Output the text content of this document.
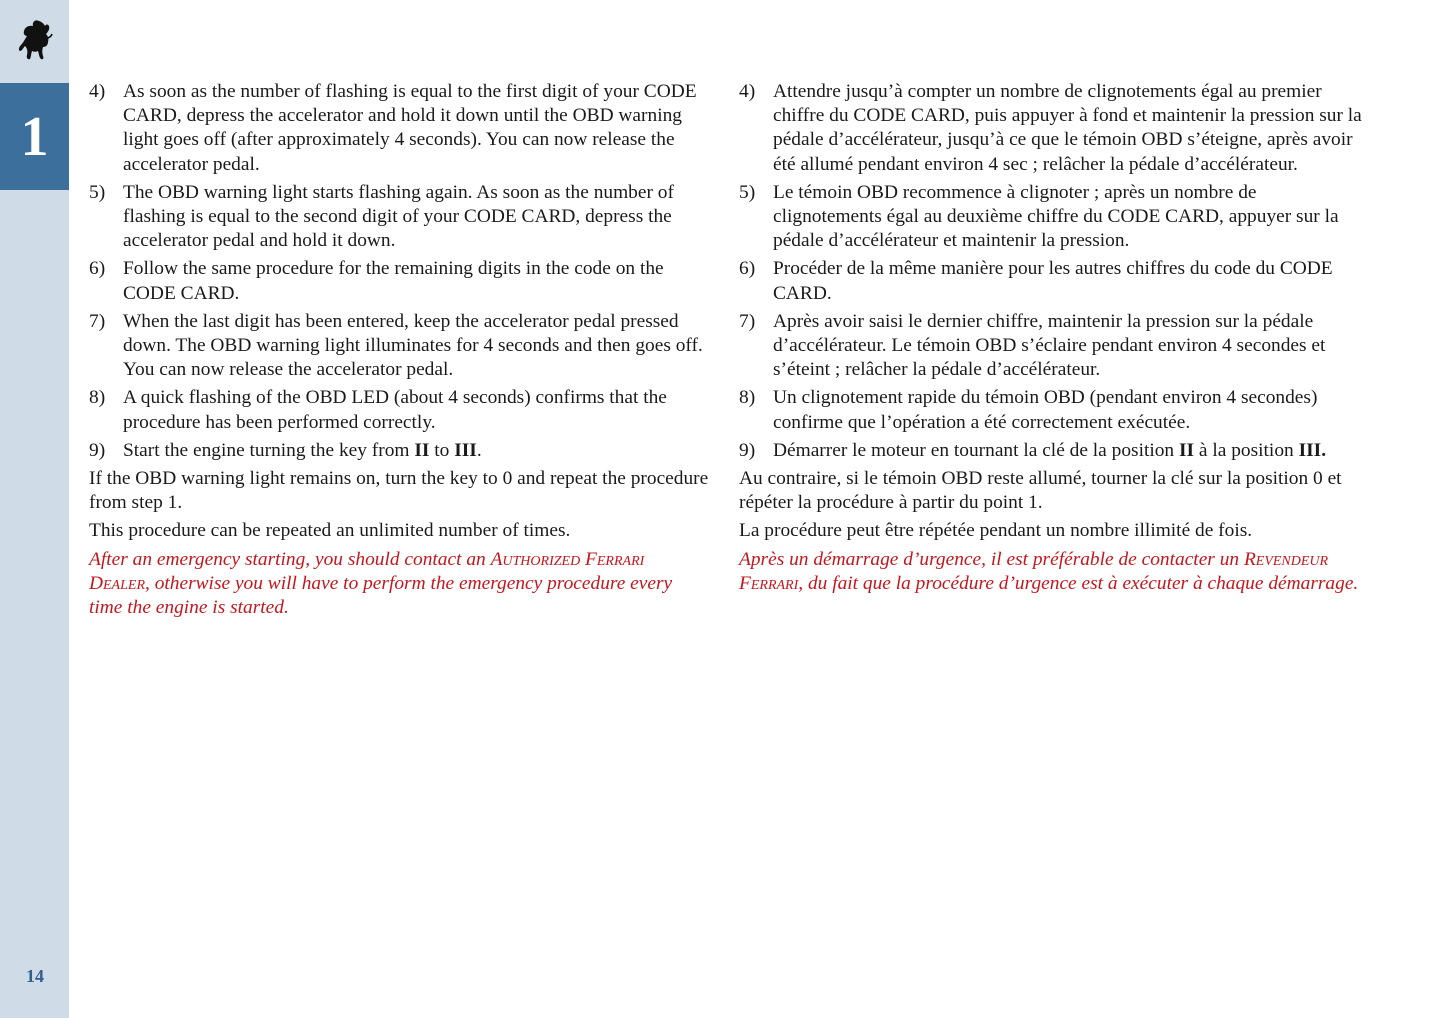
1
14
4) As soon as the number of flashing is equal to the first digit of your CODE CARD, depress the accelerator and hold it down until the OBD warning light goes off (after approximately 4 seconds). You can now release the accelerator pedal.
5) The OBD warning light starts flashing again. As soon as the number of flashing is equal to the second digit of your CODE CARD, depress the accelerator pedal and hold it down.
6) Follow the same procedure for the remaining digits in the code on the CODE CARD.
7) When the last digit has been entered, keep the accelerator pedal pressed down. The OBD warning light illuminates for 4 seconds and then goes off. You can now release the accelerator pedal.
8) A quick flashing of the OBD LED (about 4 seconds) confirms that the procedure has been performed correctly.
9) Start the engine turning the key from II to III.
If the OBD warning light remains on, turn the key to 0 and repeat the procedure from step 1.
This procedure can be repeated an unlimited number of times.
After an emergency starting, you should contact an Authorized Ferrari Dealer, otherwise you will have to perform the emergency procedure every time the engine is started.
4) Attendre jusqu’à compter un nombre de clignotements égal au premier chiffre du CODE CARD, puis appuyer à fond et maintenir la pression sur la pédale d’accélérateur, jusqu’à ce que le témoin OBD s’éteigne, après avoir été allumé pendant environ 4 sec ; relâcher la pédale d’accélérateur.
5) Le témoin OBD recommence à clignoter ; après un nombre de clignotements égal au deuxième chiffre du CODE CARD, appuyer sur la pédale d’accélérateur et maintenir la pression.
6) Procéder de la même manière pour les autres chiffres du code du CODE CARD.
7) Après avoir saisi le dernier chiffre, maintenir la pression sur la pédale d’accélérateur. Le témoin OBD s’éclaire pendant environ 4 secondes et s’éteint ; relâcher la pédale d’accélérateur.
8) Un clignotement rapide du témoin OBD (pendant environ 4 secondes) confirme que l’opération a été correctement exécutée.
9) Démarrer le moteur en tournant la clé de la position II à la position III.
Au contraire, si le témoin OBD reste allumé, tourner la clé sur la position 0 et répéter la procédure à partir du point 1.
La procédure peut être répétée pendant un nombre illimité de fois.
Après un démarrage d’urgence, il est préférable de contacter un Revendeur Ferrari, du fait que la procédure d’urgence est à exécuter à chaque démarrage.
